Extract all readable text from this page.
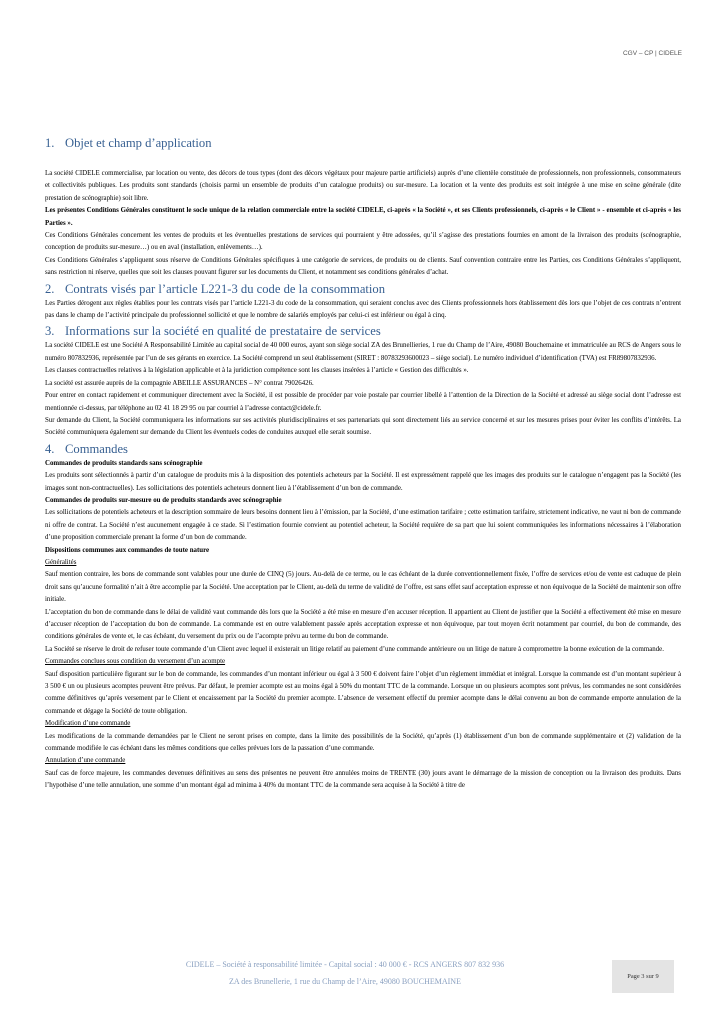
CGV – CP | CIDELE
1. Objet et champ d’application

La société CIDELE commercialise, par location ou vente, des décors de tous types (dont des décors végétaux pour majeure partie artificiels) auprès d’une clientèle constituée de professionnels, non professionnels, consommateurs et collectivités publiques. Les produits sont standards (choisis parmi un ensemble de produits d’un catalogue produits) ou sur-mesure. La location et la vente des produits est soit intégrée à une mise en scène générale (dite prestation de scénographie) soit libre.

Les présentes Conditions Générales constituent le socle unique de la relation commerciale entre la société CIDELE, ci-après « la Société », et ses Clients professionnels, ci-après « le Client » - ensemble et ci-après « les Parties ».

Ces Conditions Générales concernent les ventes de produits et les éventuelles prestations de services qui pourraient y être adossées, qu’il s’agisse des prestations fournies en amont de la livraison des produits (scénographie, conception de produits sur-mesure…) ou en aval (installation, enlèvements…).

Ces Conditions Générales s’appliquent sous réserve de Conditions Générales spécifiques à une catégorie de services, de produits ou de clients. Sauf convention contraire entre les Parties, ces Conditions Générales s’appliquent, sans restriction ni réserve, quelles que soit les clauses pouvant figurer sur les documents du Client, et notamment ses conditions générales d’achat.

2. Contrats visés par l’article L221-3 du code de la consommation

Les Parties dérogent aux règles établies pour les contrats visés par l’article L221-3 du code de la consommation, qui seraient conclus avec des Clients professionnels hors établissement dès lors que l’objet de ces contrats n’entrent pas dans le champ de l’activité principale du professionnel sollicité et que le nombre de salariés employés par celui-ci est inférieur ou égal à cinq.

3. Informations sur la société en qualité de prestataire de services

La société CIDELE est une Société A Responsabilité Limitée au capital social de 40 000 euros, ayant son siège social ZA des Brunellieries, 1 rue du Champ de l’Aire, 49080 Bouchemaine et immatriculée au RCS de Angers sous le numéro 807832936, représentée par l’un de ses gérants en exercice. La Société comprend un seul établissement (SIRET : 80783293600023 – siège social). Le numéro individuel d’identification (TVA) est FR89807832936.

Les clauses contractuelles relatives à la législation applicable et à la juridiction compétence sont les clauses insérées à l’article « Gestion des difficultés ».

La société est assurée auprès de la compagnie ABEILLE ASSURANCES – N° contrat 79026426.

Pour entrer en contact rapidement et communiquer directement avec la Société, il est possible de procéder par voie postale par courrier libellé à l’attention de la Direction de la Société et adressé au siège social dont l’adresse est mentionnée ci-dessus, par téléphone au 02 41 18 29 95 ou par courriel à l’adresse contact@cidele.fr.

Sur demande du Client, la Société communiquera les informations sur ses activités pluridisciplinaires et ses partenariats qui sont directement liés au service concerné et sur les mesures prises pour éviter les conflits d’intérêts. La Société communiquera également sur demande du Client les éventuels codes de conduites auxquel elle serait soumise.

4. Commandes

Commandes de produits standards sans scénographie

Les produits sont sélectionnés à partir d’un catalogue de produits mis à la disposition des potentiels acheteurs par la Société. Il est expressément rappelé que les images des produits sur le catalogue n’engagent pas la Société (les images sont non-contractuelles). Les sollicitations des potentiels acheteurs donnent lieu à l’établissement d’un bon de commande.

Commandes de produits sur-mesure ou de produits standards avec scénographie

Les sollicitations de potentiels acheteurs et la description sommaire de leurs besoins donnent lieu à l’émission, par la Société, d’une estimation tarifaire ; cette estimation tarifaire, strictement indicative, ne vaut ni bon de commande ni offre de contrat. La Société n’est aucunement engagée à ce stade. Si l’estimation fournie convient au potentiel acheteur, la Société requière de sa part que lui soient communiquées les informations nécessaires à l’élaboration d’une proposition commerciale prenant la forme d’un bon de commande.

Dispositions communes aux commandes de toute nature

Généralités

Sauf mention contraire, les bons de commande sont valables pour une durée de CINQ (5) jours. Au-delà de ce terme, ou le cas échéant de la durée conventionnellement fixée, l’offre de services et/ou de vente est caduque de plein droit sans qu’aucune formalité n’ait à être accomplie par la Société. Une acceptation par le Client, au-delà du terme de validité de l’offre, est sans effet sauf acceptation expresse et non équivoque de la Société de maintenir son offre initiale.

L’acceptation du bon de commande dans le délai de validité vaut commande dès lors que la Société a été mise en mesure d’en accuser réception. Il appartient au Client de justifier que la Société a effectivement été mise en mesure d’accuser réception de l’acceptation du bon de commande. La commande est en outre valablement passée après acceptation expresse et non équivoque, par tout moyen écrit notamment par courriel, du bon de commande, des conditions générales de vente et, le cas échéant, du versement du prix ou de l’acompte prévu au terme du bon de commande.

La Société se réserve le droit de refuser toute commande d’un Client avec lequel il existerait un litige relatif au paiement d’une commande antérieure ou un litige de nature à compromettre la bonne exécution de la commande.

Commandes conclues sous condition du versement d’un acompte

Sauf disposition particulière figurant sur le bon de commande, les commandes d’un montant inférieur ou égal à 3 500 € doivent faire l’objet d’un règlement immédiat et intégral. Lorsque la commande est d’un montant supérieur à 3 500 € un ou plusieurs acomptes peuvent être prévus. Par défaut, le premier acompte est au moins égal à 50% du montant TTC de la commande. Lorsque un ou plusieurs acomptes sont prévus, les commandes ne sont considérées comme définitives qu’après versement par le Client et encaissement par la Société du premier acompte. L’absence de versement effectif du premier acompte dans le délai convenu au bon de commande emporte annulation de la commande et dégage la Société de toute obligation.

Modification d’une commande

Les modifications de la commande demandées par le Client ne seront prises en compte, dans la limite des possibilités de la Société, qu’après (1) établissement d’un bon de commande supplémentaire et (2) validation de la commande modifiée le cas échéant dans les mêmes conditions que celles prévues lors de la passation d’une commande.

Annulation d’une commande

Sauf cas de force majeure, les commandes devenues définitives au sens des présentes ne peuvent être annulées moins de TRENTE (30) jours avant le démarrage de la mission de conception ou la livraison des produits. Dans l’hypothèse d’une telle annulation, une somme d’un montant égal ad minima à 40% du montant TTC de la commande sera acquise à la Société à titre de

CIDELE – Société à responsabilité limitée - Capital social : 40 000 € - RCS ANGERS 807 832 936
ZA des Brunellerie, 1 rue du Champ de l’Aire, 49080 BOUCHEMAINE
Page 3 sur 9
